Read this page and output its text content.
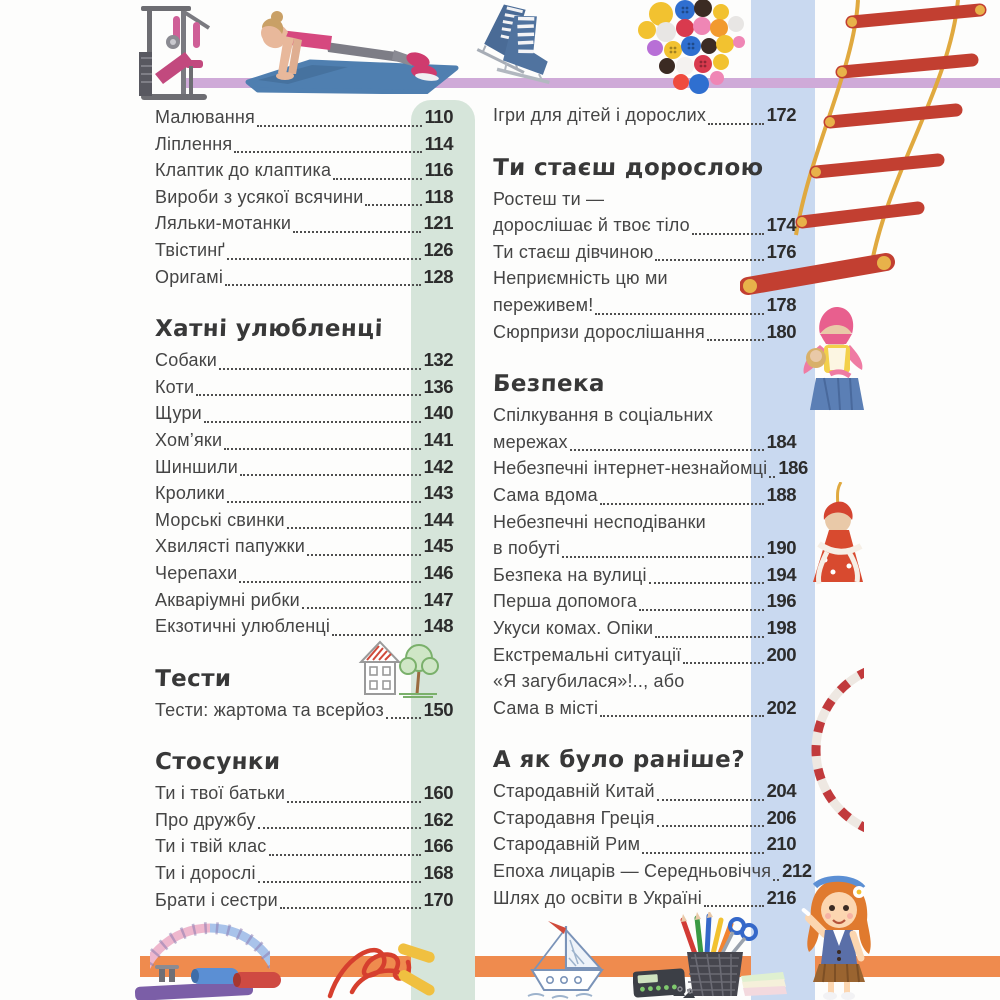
Малювання	110
Ліплення	114
Клаптик до клаптика	116
Вироби з усякої всячини	118
Ляльки-мотанки	121
Твістинґ	126
Оригамі	128
Хатні улюбленці
Собаки	132
Коти	136
Щури	140
Хом’яки	141
Шиншили	142
Кролики	143
Морські свинки	144
Хвилясті папужки	145
Черепахи	146
Акваріумні рибки	147
Екзотичні улюбленці	148
Тести
Тести: жартома та всерйоз 150
Стосунки
Ти і твої батьки	160
Про дружбу	162
Ти і твій клас	166
Ти і дорослі	168
Брати і сестри	170
Ігри для дітей і дорослих	172
Ти стаєш дорослою
Ростеш ти —
дорослішає й твоє тіло	174
Ти стаєш дівчиною	176
Неприємність цю ми
переживем!	178
Сюрпризи дорослішання	180
Безпека
Спілкування в соціальних
мережах	184
Небезпечні інтернет-незнайомці 186
Сама вдома	188
Небезпечні несподіванки
в побуті	190
Безпека на вулиці	194
Перша допомога	196
Укуси комах. Опіки	198
Екстремальні ситуації	200
«Я загубилася»!.., або
Сама в місті	202
А як було раніше?
Стародавній Китай	204
Стародавня Греція	206
Стародавній Рим	210
Епоха лицарів — Середньовіччя 212
Шлях до освіти в Україні	216
